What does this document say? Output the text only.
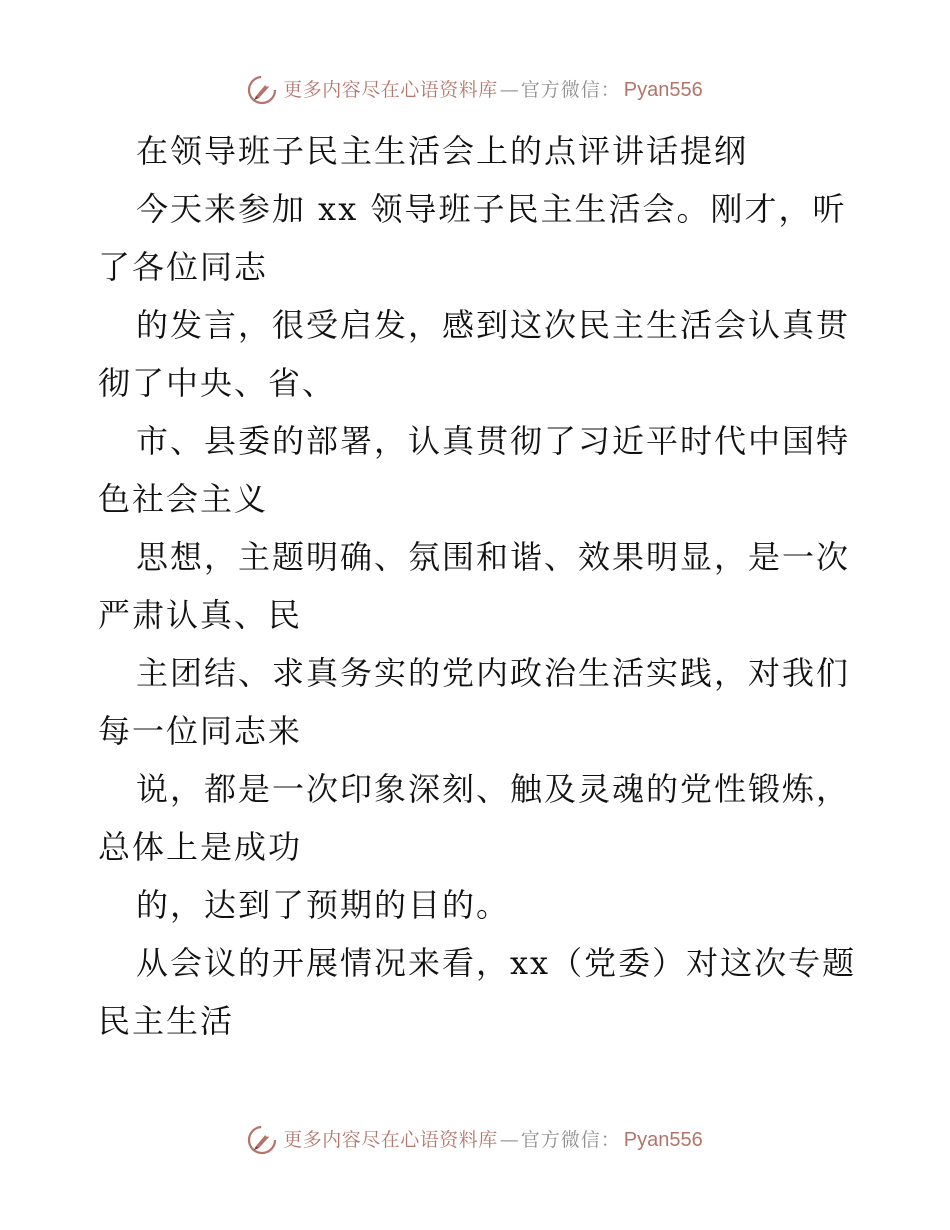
更多内容尽在心语资料库 — 官方微信 ： Pyan556
在领导班子民主生活会上的点评讲话提纲
今天来参加 xx 领导班子民主生活会。刚才，听
了各位同志
的发言，很受启发，感到这次民主生活会认真贯
彻了中央、省、
市、县委的部署，认真贯彻了习近平时代中国特
色社会主义
思想，主题明确、氛围和谐、效果明显，是一次
严肃认真、民
主团结、求真务实的党内政治生活实践，对我们
每一位同志来
说，都是一次印象深刻、触及灵魂的党性锻炼，
总体上是成功
的，达到了预期的目的。
从会议的开展情况来看，xx（党委）对这次专题
民主生活
更多内容尽在心语资料库 — 官方微信 ： Pyan556
